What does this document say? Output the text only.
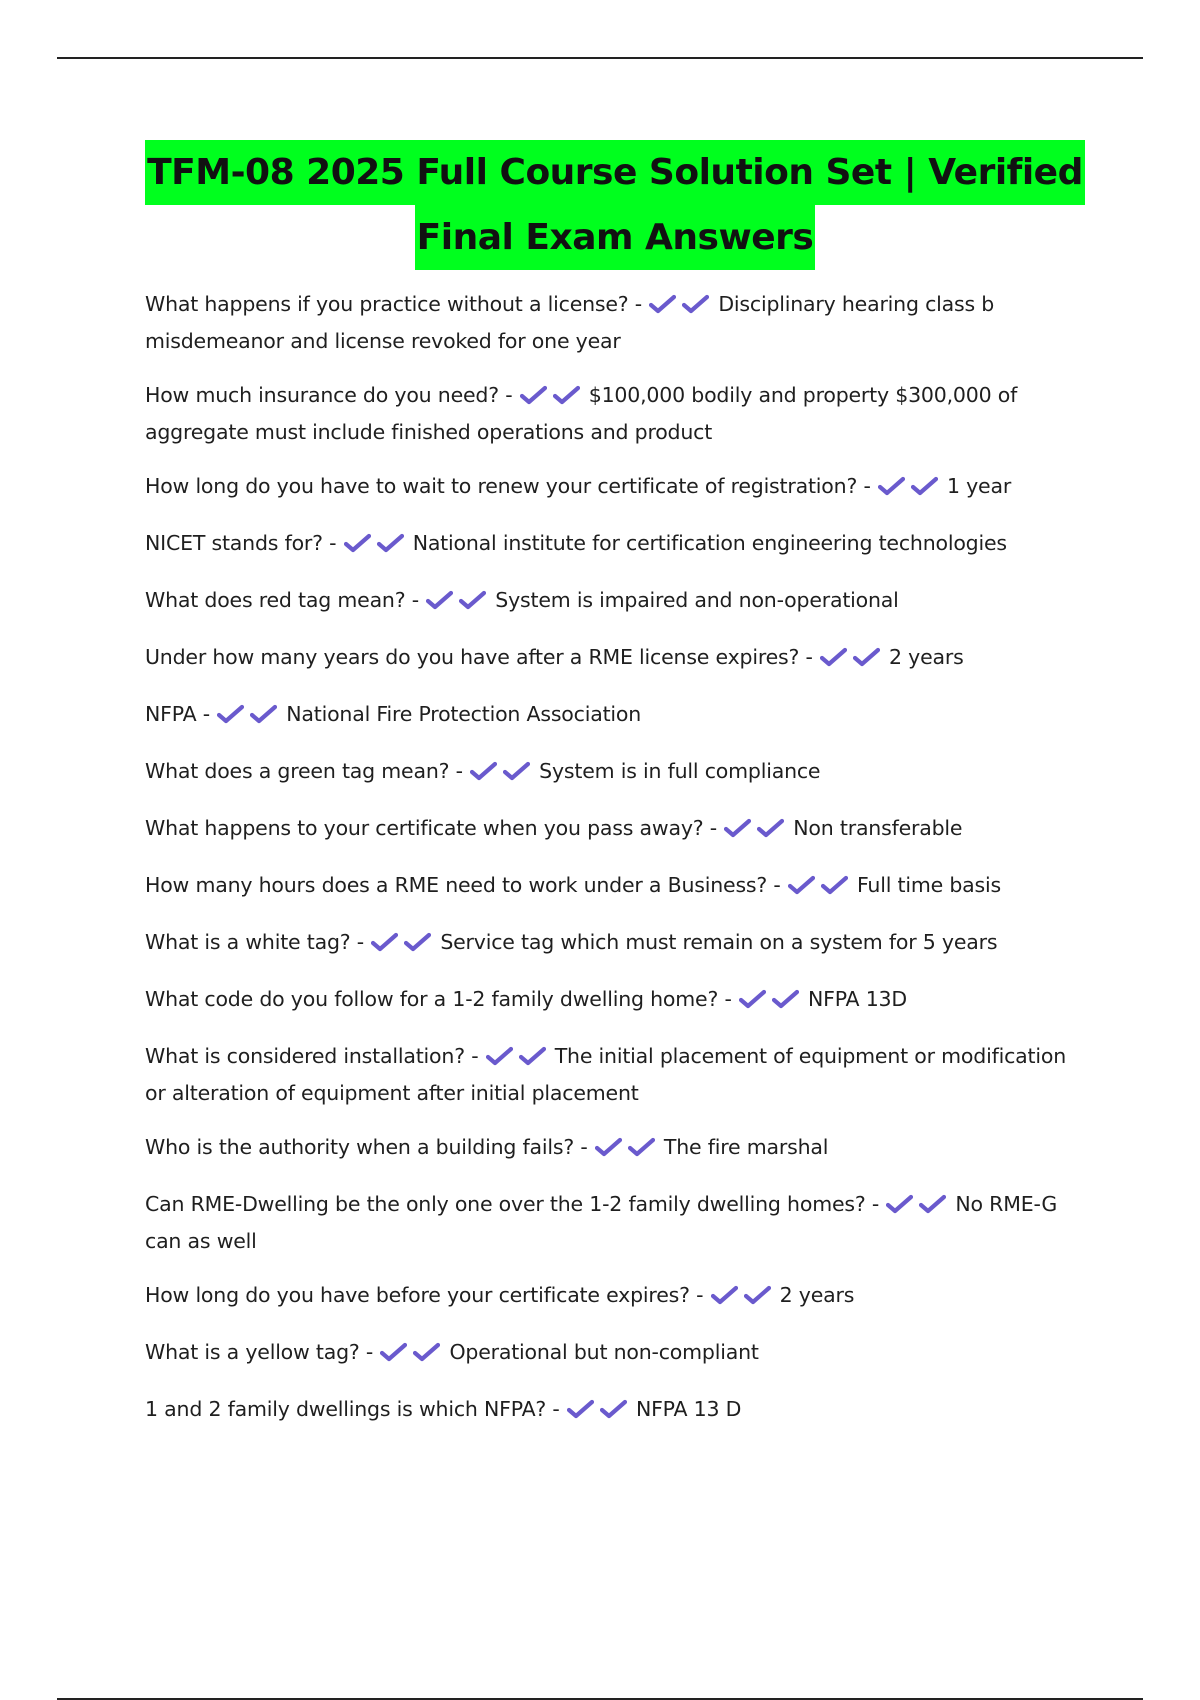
TFM-08 2025 Full Course Solution Set | Verified
Final Exam Answers
What happens if you practice without a license? -	Disciplinary hearing class b misdemeanor and license revoked for one year
How much insurance do you need? -	$100,000 bodily and property $300,000 of aggregate must include finished operations and product
How long do you have to wait to renew your certificate of registration? -	1 year
NICET stands for? -	National institute for certification engineering technologies
What does red tag mean? -	System is impaired and non-operational
Under how many years do you have after a RME license expires? -	2 years
NFPA -	National Fire Protection Association
What does a green tag mean? -	System is in full compliance
What happens to your certificate when you pass away? -	Non transferable
How many hours does a RME need to work under a Business? -	Full time basis
What is a white tag? -	Service tag which must remain on a system for 5 years
What code do you follow for a 1-2 family dwelling home? -	NFPA 13D
What is considered installation? -	The initial placement of equipment or modification or alteration of equipment after initial placement
Who is the authority when a building fails? -	The fire marshal
Can RME-Dwelling be the only one over the 1-2 family dwelling homes? -	No RME-G can as well
How long do you have before your certificate expires? -	2 years
What is a yellow tag? -	Operational but non-compliant
1 and 2 family dwellings is which NFPA? -	NFPA 13 D
